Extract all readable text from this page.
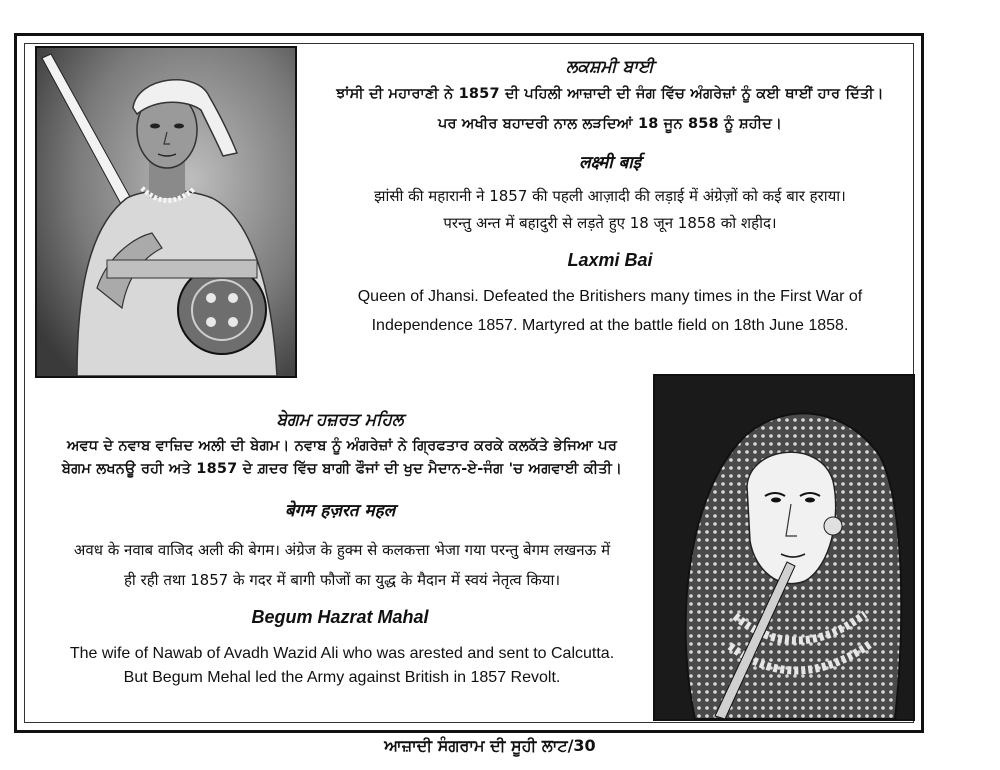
ਲਕਸ਼ਮੀ ਬਾਈ
ਝਾਂਸੀ ਦੀ ਮਹਾਰਾਣੀ ਨੇ 1857 ਦੀ ਪਹਿਲੀ ਆਜ਼ਾਦੀ ਦੀ ਜੰਗ ਵਿੱਚ ਅੰਗਰੇਜ਼ਾਂ ਨੂੰ ਕਈ ਥਾਈਂ ਹਾਰ ਦਿੱਤੀ।
ਪਰ ਅਖੀਰ ਬਹਾਦਰੀ ਨਾਲ ਲੜਦਿਆਂ 18 ਜੂਨ 858 ਨੂੰ ਸ਼ਹੀਦ।
लक्ष्मी बाई
झांसी की महारानी ने 1857 की पहली आज़ादी की लड़ाई में अंग्रेज़ों को कई बार हराया।
परन्तु अन्त में बहादुरी से लड़ते हुए 18 जून 1858 को शहीद।
Laxmi Bai
Queen of Jhansi. Defeated the Britishers many times in the First War of
Independence 1857. Martyred at the battle field on 18th June 1858.
ਬੇਗਮ ਹਜ਼ਰਤ ਮਹਿਲ
ਅਵਧ ਦੇ ਨਵਾਬ ਵਾਜ਼ਿਦ ਅਲੀ ਦੀ ਬੇਗਮ। ਨਵਾਬ ਨੂੰ ਅੰਗਰੇਜ਼ਾਂ ਨੇ ਗ੍ਰਿਫਤਾਰ ਕਰਕੇ ਕਲਕੱਤੇ ਭੇਜਿਆ ਪਰ
ਬੇਗਮ ਲਖਨਊ ਰਹੀ ਅਤੇ 1857 ਦੇ ਗ਼ਦਰ ਵਿੱਚ ਬਾਗੀ ਫੌਜਾਂ ਦੀ ਖੁਦ ਮੈਦਾਨ-ਏ-ਜੰਗ 'ਚ ਅਗਵਾਈ ਕੀਤੀ।
बेगम हज़रत महल
अवध के नवाब वाजिद अली की बेगम। अंग्रेज के हुक्म से कलकत्ता भेजा गया परन्तु बेगम लखनऊ में
ही रही तथा 1857 के गदर में बागी फौजों का युद्ध के मैदान में स्वयं नेतृत्व किया।
Begum Hazrat Mahal
The wife of Nawab of Avadh Wazid Ali who was arested and sent to Calcutta.
But Begum Mehal led the Army against British in 1857 Revolt.
ਆਜ਼ਾਦੀ ਸੰਗਰਾਮ ਦੀ ਸੂਹੀ ਲਾਟ/30
